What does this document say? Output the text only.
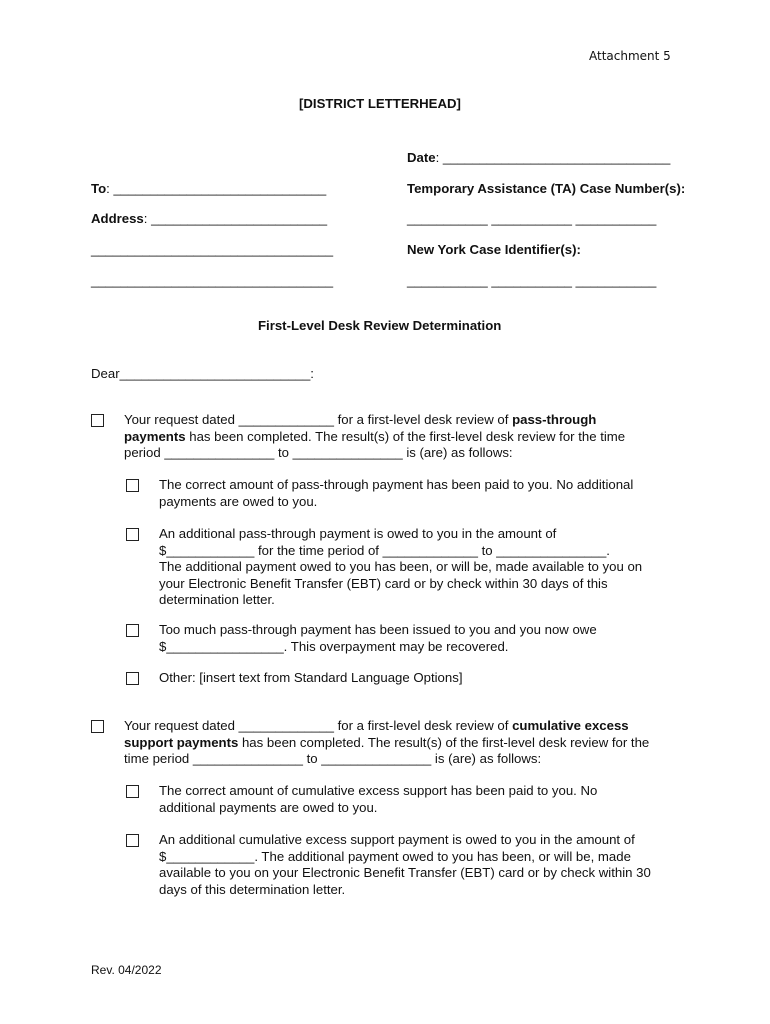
Attachment 5
[DISTRICT LETTERHEAD]
Date: _______________________________
To: _____________________________	Temporary Assistance (TA) Case Number(s):
Address: ________________________	___________ ___________ ___________
_________________________________	New York Case Identifier(s):
_________________________________	___________ ___________ ___________
First-Level Desk Review Determination
Dear__________________________:
Your request dated _____________ for a first-level desk review of pass-through
payments has been completed. The result(s) of the first-level desk review for the time
period _______________ to _______________ is (are) as follows:
The correct amount of pass-through payment has been paid to you. No additional
payments are owed to you.
An additional pass-through payment is owed to you in the amount of
$____________ for the time period of _____________ to _______________.
The additional payment owed to you has been, or will be, made available to you on
your Electronic Benefit Transfer (EBT) card or by check within 30 days of this
determination letter.
Too much pass-through payment has been issued to you and you now owe
$________________. This overpayment may be recovered.
Other: [insert text from Standard Language Options]
Your request dated _____________ for a first-level desk review of cumulative excess
support payments has been completed. The result(s) of the first-level desk review for the
time period _______________ to _______________ is (are) as follows:
The correct amount of cumulative excess support has been paid to you. No
additional payments are owed to you.
An additional cumulative excess support payment is owed to you in the amount of
$____________. The additional payment owed to you has been, or will be, made
available to you on your Electronic Benefit Transfer (EBT) card or by check within 30
days of this determination letter.
Rev. 04/2022
